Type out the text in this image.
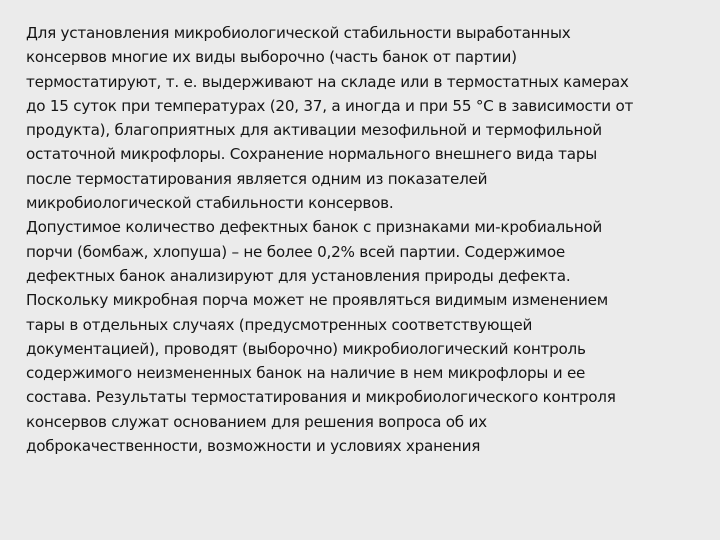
Для установления микробиологической стабильности выработанных
консервов многие их виды выборочно (часть банок от партии)
термостатируют, т. е. выдерживают на складе или в термостатных камерах
до 15 суток при температурах (20, 37, а иногда и при 55 °С в зависимости от
продукта), благоприятных для активации мезофильной и термофильной
остаточной микрофлоры. Сохранение нормального внешнего вида тары
после термостатирования является одним из показателей
микробиологической стабильности консервов.
Допустимое количество дефектных банок с признаками ми-кробиальной
порчи (бомбаж, хлопуша) – не более 0,2% всей партии. Содержимое
дефектных банок анализируют для установления природы дефекта.
Поскольку микробная порча может не проявляться видимым изменением
тары в отдельных случаях (предусмотренных соответствующей
документацией), проводят (выборочно) микробиологический контроль
содержимого неизмененных банок на наличие в нем микрофлоры и ее
состава. Результаты термостатирования и микробиологического контроля
консервов служат основанием для решения вопроса об их
доброкачественности, возможности и условиях хранения
